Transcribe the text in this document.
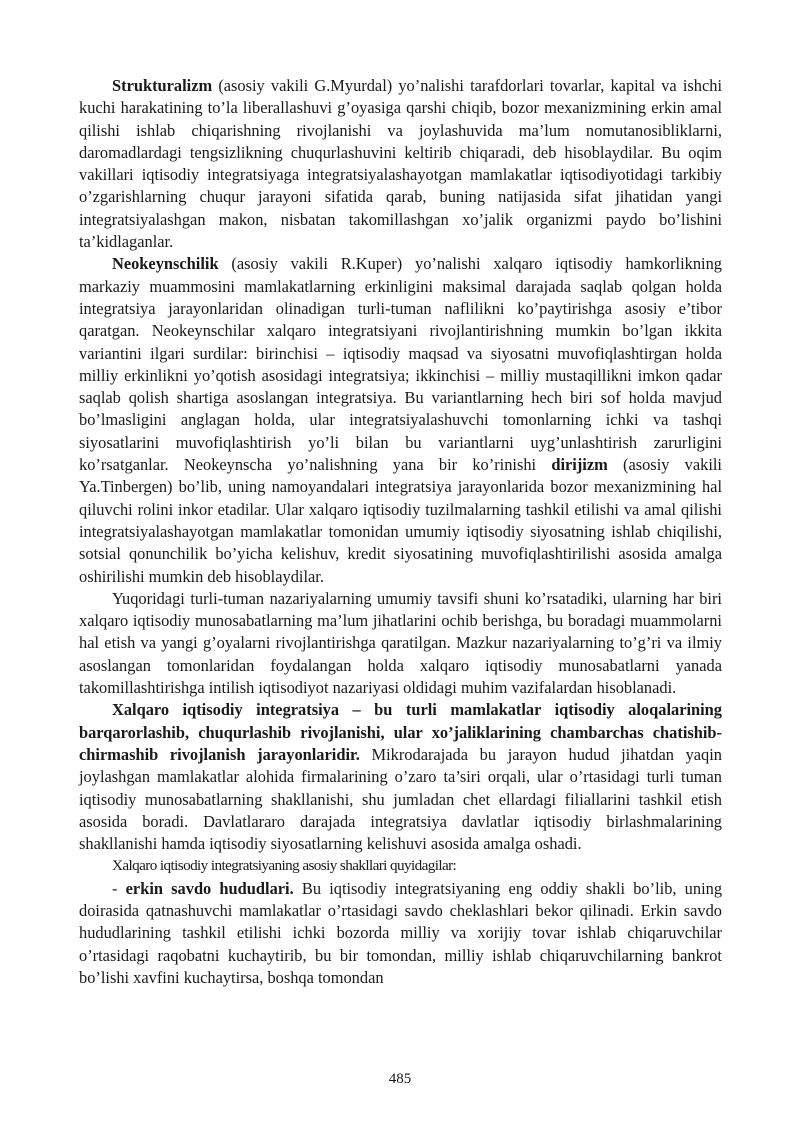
Strukturalizm (asosiy vakili G.Myurdal) yo’nalishi tarafdorlari tovarlar, kapital va ishchi kuchi harakatining to’la liberallashuvi g’oyasiga qarshi chiqib, bozor mexanizmining erkin amal qilishi ishlab chiqarishning rivojlanishi va joylashuvida ma’lum nomutanosibliklarni, daromadlardagi tengsizlikning chuqurlashuvini keltirib chiqaradi, deb hisoblaydilar. Bu oqim vakillari iqtisodiy integratsiyaga integratsiyalashayotgan mamlakatlar iqtisodiyotidagi tarkibiy o’zgarishlarning chuqur jarayoni sifatida qarab, buning natijasida sifat jihatidan yangi integratsiyalashgan makon, nisbatan takomillashgan xo’jalik organizmi paydo bo’lishini ta’kidlaganlar.

Neokeynschilik (asosiy vakili R.Kuper) yo’nalishi xalqaro iqtisodiy hamkorlikning markaziy muammosini mamlakatlarning erkinligini maksimal darajada saqlab qolgan holda integratsiya jarayonlaridan olinadigan turli-tuman naflilikni ko’paytirishga asosiy e’tibor qaratgan. Neokeynschilar xalqaro integratsiyani rivojlantirishning mumkin bo’lgan ikkita variantini ilgari surdilar: birinchisi – iqtisodiy maqsad va siyosatni muvofiqlashtirgan holda milliy erkinlikni yo’qotish asosidagi integratsiya; ikkinchisi – milliy mustaqillikni imkon qadar saqlab qolish shartiga asoslangan integratsiya. Bu variantlarning hech biri sof holda mavjud bo’lmasligini anglagan holda, ular integratsiyalashuvchi tomonlarning ichki va tashqi siyosatlarini muvofiqlashtirish yo’li bilan bu variantlarni uyg’unlashtirish zarurligini ko’rsatganlar. Neokeynscha yo’nalishning yana bir ko’rinishi dirijizm (asosiy vakili Ya.Tinbergen) bo’lib, uning namoyandalari integratsiya jarayonlarida bozor mexanizmining hal qiluvchi rolini inkor etadilar. Ular xalqaro iqtisodiy tuzilmalarning tashkil etilishi va amal qilishi integratsiyalashayotgan mamlakatlar tomonidan umumiy iqtisodiy siyosatning ishlab chiqilishi, sotsial qonunchilik bo’yicha kelishuv, kredit siyosatining muvofiqlashtirilishi asosida amalga oshirilishi mumkin deb hisoblaydilar.

Yuqoridagi turli-tuman nazariyalarning umumiy tavsifi shuni ko’rsatadiki, ularning har biri xalqaro iqtisodiy munosabatlarning ma’lum jihatlarini ochib berishga, bu boradagi muammolarni hal etish va yangi g’oyalarni rivojlantirishga qaratilgan. Mazkur nazariyalarning to’g’ri va ilmiy asoslangan tomonlaridan foydalangan holda xalqaro iqtisodiy munosabatlarni yanada takomillashtirishga intilish iqtisodiyot nazariyasi oldidagi muhim vazifalardan hisoblanadi.

Xalqaro iqtisodiy integratsiya – bu turli mamlakatlar iqtisodiy aloqalarining barqarorlashib, chuqurlashib rivojlanishi, ular xo’jaliklarining chambarchas chatishib-chirmashib rivojlanish jarayonlaridir. Mikrodarajada bu jarayon hudud jihatdan yaqin joylashgan mamlakatlar alohida firmalarining o’zaro ta’siri orqali, ular o’rtasidagi turli tuman iqtisodiy munosabatlarning shakllanishi, shu jumladan chet ellardagi filiallarini tashkil etish asosida boradi. Davlatlararo darajada integratsiya davlatlar iqtisodiy birlashmalarining shakllanishi hamda iqtisodiy siyosatlarning kelishuvi asosida amalga oshadi.

Xalqaro iqtisodiy integratsiyaning asosiy shakllari quyidagilar:

- erkin savdo hududlari. Bu iqtisodiy integratsiyaning eng oddiy shakli bo’lib, uning doirasida qatnashuvchi mamlakatlar o’rtasidagi savdo cheklashlari bekor qilinadi. Erkin savdo hududlarining tashkil etilishi ichki bozorda milliy va xorijiy tovar ishlab chiqaruvchilar o’rtasidagi raqobatni kuchaytirib, bu bir tomondan, milliy ishlab chiqaruvchilarning bankrot bo’lishi xavfini kuchaytirsa, boshqa tomondan

485
